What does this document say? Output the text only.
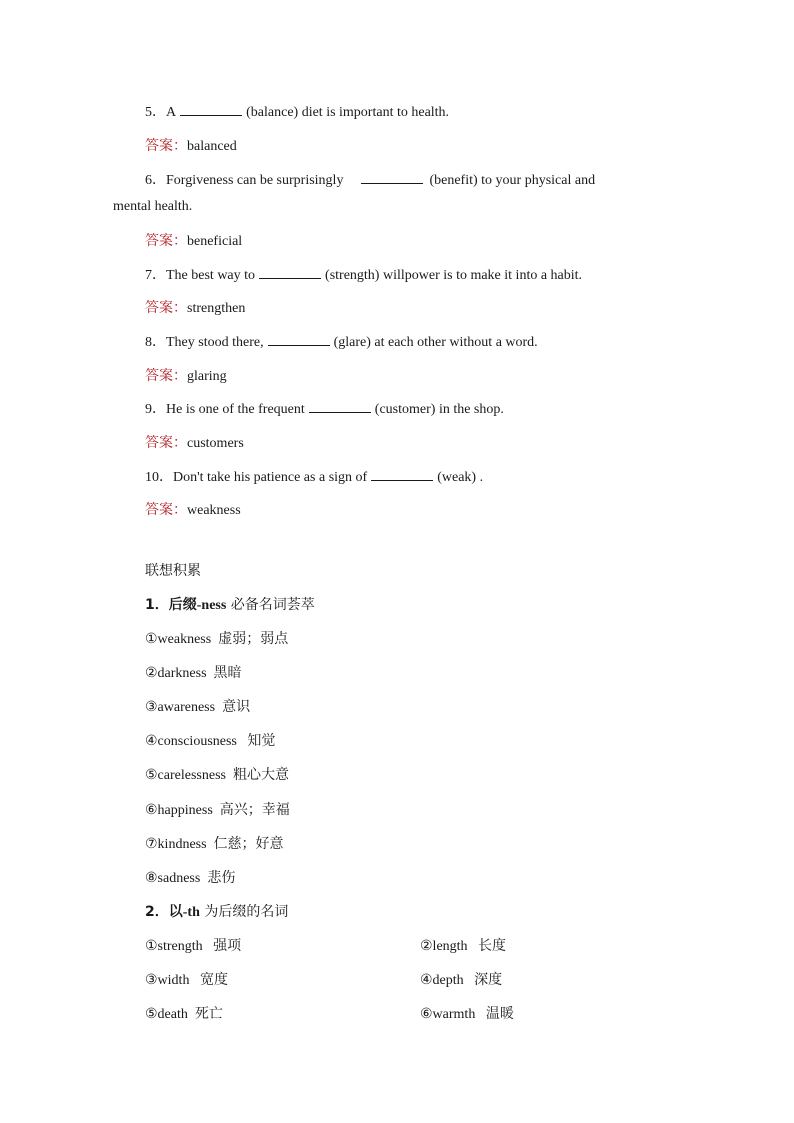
5．A	(balance) diet is important to health.
答案：balanced
6．Forgiveness can be surprisingly	(benefit) to your physical and
mental health.
答案：beneficial
7．The best way to	(strength) willpower is to make it into a habit.
答案：strengthen
8．They stood there,	(glare) at each other without a word.
答案：glaring
9．He is one of the frequent	(customer) in the shop.
答案：customers
10．Don't take his patience as a sign of	(weak) .
答案：weakness
联想积累
1．后缀-ness 必备名词荟萃
①weakness 虚弱；弱点
②darkness 黑暗
③awareness 意识
④consciousness 知觉
⑤carelessness 粗心大意
⑥happiness 高兴；幸福
⑦kindness 仁慈；好意
⑧sadness 悲伤
2．以-th 为后缀的名词
①strength 强项	②length 长度
③width 宽度	④depth 深度
⑤death 死亡	⑥warmth 温暖
